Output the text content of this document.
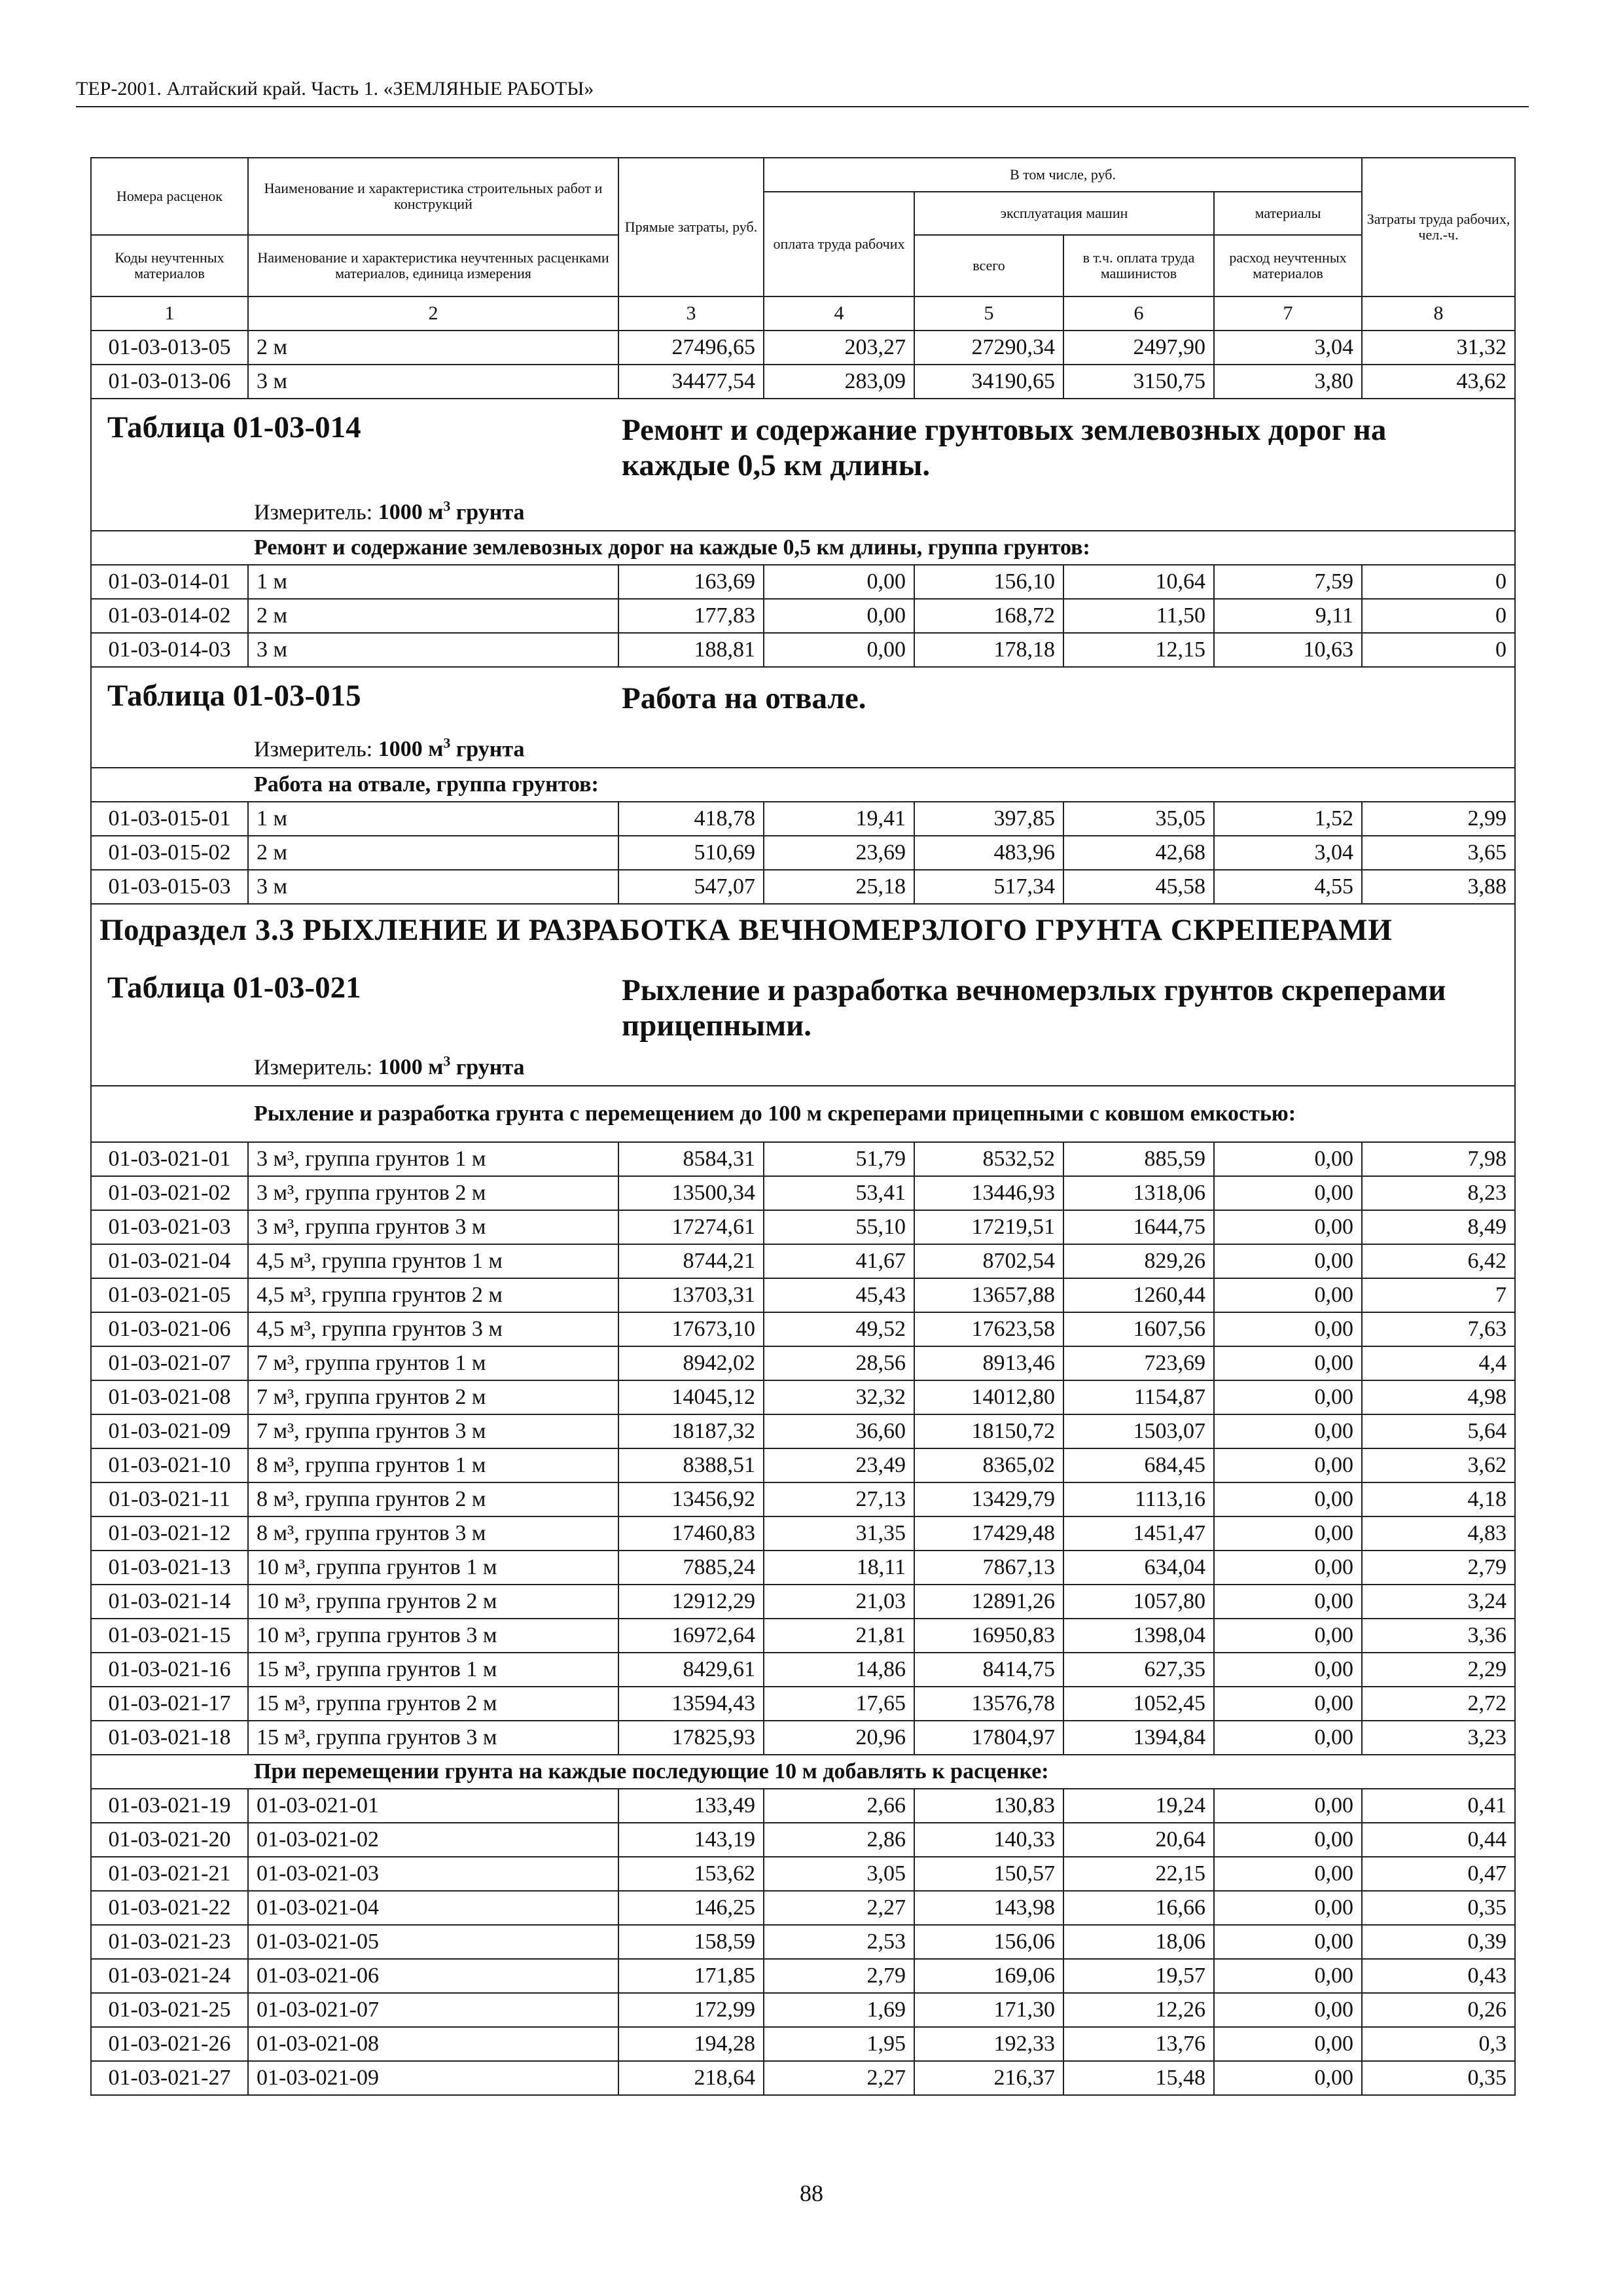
ТЕР-2001. Алтайский край. Часть 1. «ЗЕМЛЯНЫЕ РАБОТЫ»
Номера расценок	Наименование и характеристика строительных работ и конструкций	Прямые затраты, руб.	В том числе, руб.				Затраты труда рабочих, чел.-ч.
			оплата труда рабочих	эксплуатация машин		материалы	
Коды неучтенных материалов	Наименование и характеристика неучтенных расценками материалов, единица измерения			всего	в т.ч. оплата труда машинистов	расход неучтенных материалов	
1	2	3	4	5	6	7	8
01-03-013-05	2 м	27496,65	203,27	27290,34	2497,90	3,04	31,32
01-03-013-06	3 м	34477,54	283,09	34190,65	3150,75	3,80	43,62

Таблица 01-03-014 Ремонт и содержание грунтовых землевозных дорог на каждые 0,5 км длины.
Измеритель: 1000 $м^3$ грунта							

Ремонт и содержание землевозных дорог на каждые 0,5 км длины, группа грунтов:							
01-03-014-01	1 м	163,69	0,00	156,10	10,64	7,59	0
01-03-014-02	2 м	177,83	0,00	168,72	11,50	9,11	0
01-03-014-03	3 м	188,81	0,00	178,18	12,15	10,63	0

Таблица 01-03-015 Работа на отвале.
Измеритель: 1000 $м^3$ грунта							

Работа на отвале, группа грунтов:							
01-03-015-01	1 м	418,78	19,41	397,85	35,05	1,52	2,99
01-03-015-02	2 м	510,69	23,69	483,96	42,68	3,04	3,65
01-03-015-03	3 м	547,07	25,18	517,34	45,58	4,55	3,88

Подраздел 3.3 РЫХЛЕНИЕ И РАЗРАБОТКА ВЕЧНОМЕРЗЛОГО ГРУНТА СКРЕПЕРАМИ
Таблица 01-03-021 Рыхление и разработка вечномерзлых грунтов скреперами прицепными.
Измеритель: 1000 $м^3$ грунта							

Рыхление и разработка грунта с перемещением до 100 м скреперами прицепными с ковшом емкостью:							
01-03-021-01	3 м³, группа грунтов 1 м	8584,31	51,79	8532,52	885,59	0,00	7,98
01-03-021-02	3 м³, группа грунтов 2 м	13500,34	53,41	13446,93	1318,06	0,00	8,23
01-03-021-03	3 м³, группа грунтов 3 м	17274,61	55,10	17219,51	1644,75	0,00	8,49
01-03-021-04	4,5 м³, группа грунтов 1 м	8744,21	41,67	8702,54	829,26	0,00	6,42
01-03-021-05	4,5 м³, группа грунтов 2 м	13703,31	45,43	13657,88	1260,44	0,00	7
01-03-021-06	4,5 м³, группа грунтов 3 м	17673,10	49,52	17623,58	1607,56	0,00	7,63
01-03-021-07	7 м³, группа грунтов 1 м	8942,02	28,56	8913,46	723,69	0,00	4,4
01-03-021-08	7 м³, группа грунтов 2 м	14045,12	32,32	14012,80	1154,87	0,00	4,98
01-03-021-09	7 м³, группа грунтов 3 м	18187,32	36,60	18150,72	1503,07	0,00	5,64
01-03-021-10	8 м³, группа грунтов 1 м	8388,51	23,49	8365,02	684,45	0,00	3,62
01-03-021-11	8 м³, группа грунтов 2 м	13456,92	27,13	13429,79	1113,16	0,00	4,18
01-03-021-12	8 м³, группа грунтов 3 м	17460,83	31,35	17429,48	1451,47	0,00	4,83
01-03-021-13	10 м³, группа грунтов 1 м	7885,24	18,11	7867,13	634,04	0,00	2,79
01-03-021-14	10 м³, группа грунтов 2 м	12912,29	21,03	12891,26	1057,80	0,00	3,24
01-03-021-15	10 м³, группа грунтов 3 м	16972,64	21,81	16950,83	1398,04	0,00	3,36
01-03-021-16	15 м³, группа грунтов 1 м	8429,61	14,86	8414,75	627,35	0,00	2,29
01-03-021-17	15 м³, группа грунтов 2 м	13594,43	17,65	13576,78	1052,45	0,00	2,72
01-03-021-18	15 м³, группа грунтов 3 м	17825,93	20,96	17804,97	1394,84	0,00	3,23
При перемещении грунта на каждые последующие 10 м добавлять к расценке:							
01-03-021-19	01-03-021-01	133,49	2,66	130,83	19,24	0,00	0,41
01-03-021-20	01-03-021-02	143,19	2,86	140,33	20,64	0,00	0,44
01-03-021-21	01-03-021-03	153,62	3,05	150,57	22,15	0,00	0,47
01-03-021-22	01-03-021-04	146,25	2,27	143,98	16,66	0,00	0,35
01-03-021-23	01-03-021-05	158,59	2,53	156,06	18,06	0,00	0,39
01-03-021-24	01-03-021-06	171,85	2,79	169,06	19,57	0,00	0,43
01-03-021-25	01-03-021-07	172,99	1,69	171,30	12,26	0,00	0,26
01-03-021-26	01-03-021-08	194,28	1,95	192,33	13,76	0,00	0,3
01-03-021-27	01-03-021-09	218,64	2,27	216,37	15,48	0,00	0,35
88
